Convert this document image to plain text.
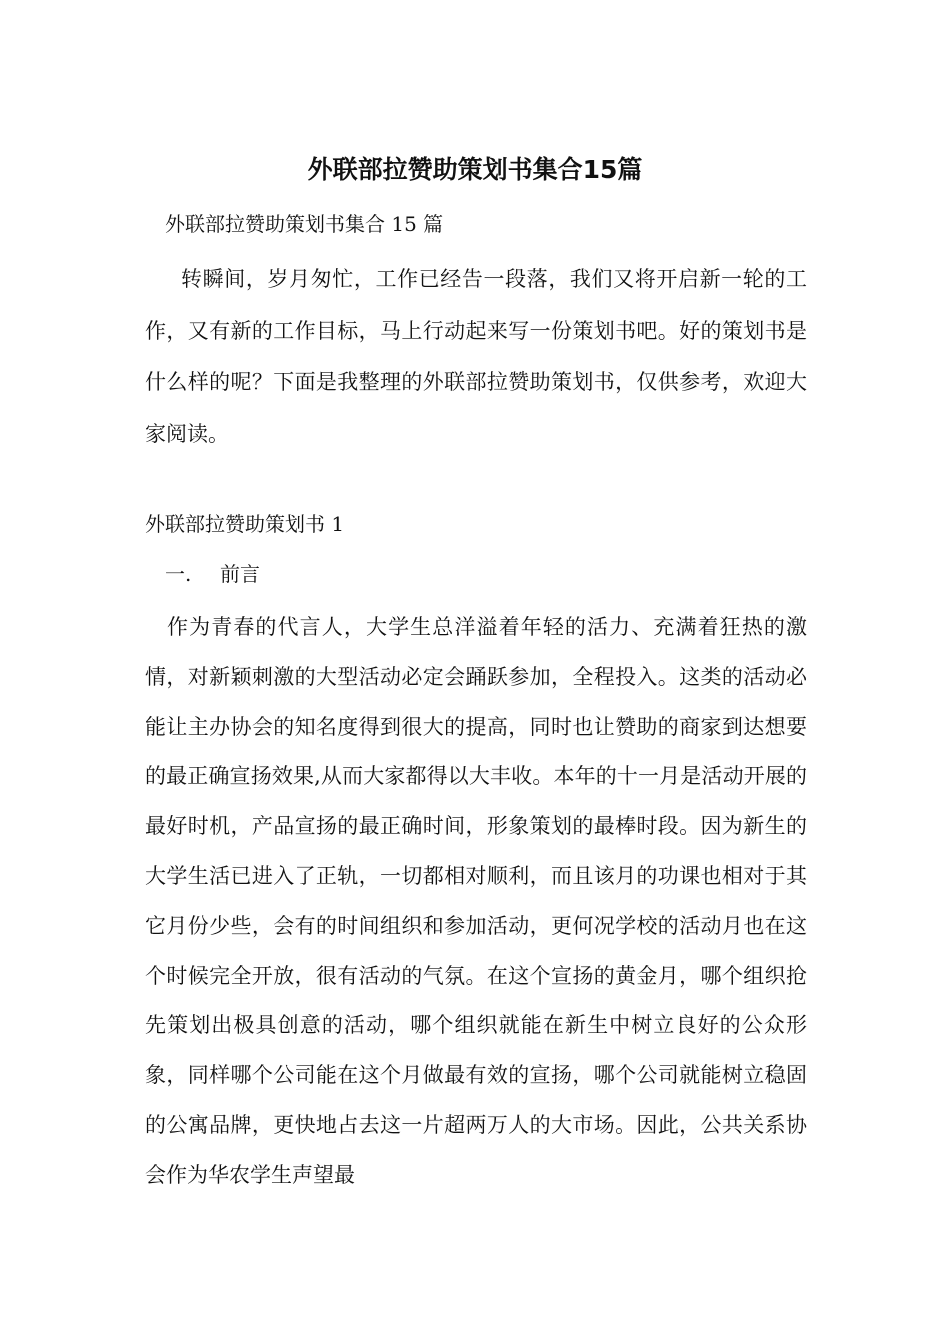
外联部拉赞助策划书集合15篇

外联部拉赞助策划书集合 15 篇

转瞬间，岁月匆忙，工作已经告一段落，我们又将开启新一轮的工作，又有新的工作目标，马上行动起来写一份策划书吧。好的策划书是什么样的呢？下面是我整理的外联部拉赞助策划书，仅供参考，欢迎大家阅读。

外联部拉赞助策划书 1

一. 前言

作为青春的代言人，大学生总洋溢着年轻的活力、充满着狂热的激情，对新颖刺激的大型活动必定会踊跃参加，全程投入。这类的活动必能让主办协会的知名度得到很大的提高，同时也让赞助的商家到达想要的最正确宣扬效果,从而大家都得以大丰收。本年的十一月是活动开展的最好时机，产品宣扬的最正确时间，形象策划的最棒时段。因为新生的大学生活已进入了正轨，一切都相对顺利，而且该月的功课也相对于其它月份少些，会有的时间组织和参加活动，更何况学校的活动月也在这个时候完全开放，很有活动的气氛。在这个宣扬的黄金月，哪个组织抢先策划出极具创意的活动，哪个组织就能在新生中树立良好的公众形象，同样哪个公司能在这个月做最有效的宣扬，哪个公司就能树立稳固的公寓品牌，更快地占去这一片超两万人的大市场。因此，公共关系协会作为华农学生声望最
